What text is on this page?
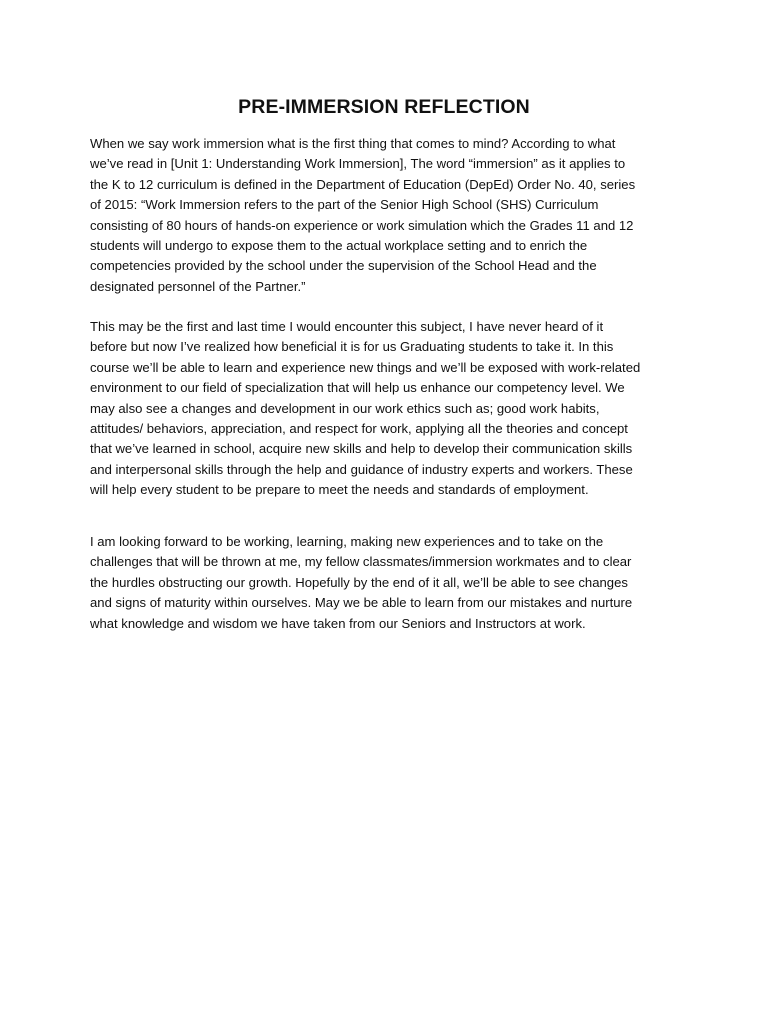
PRE-IMMERSION REFLECTION

When we say work immersion what is the first thing that comes to mind? According to what
we’ve read in [Unit 1: Understanding Work Immersion], The word “immersion” as it applies to
the K to 12 curriculum is defined in the Department of Education (DepEd) Order No. 40, series
of 2015: “Work Immersion refers to the part of the Senior High School (SHS) Curriculum
consisting of 80 hours of hands-on experience or work simulation which the Grades 11 and 12
students will undergo to expose them to the actual workplace setting and to enrich the
competencies provided by the school under the supervision of the School Head and the
designated personnel of the Partner.”

This may be the first and last time I would encounter this subject, I have never heard of it
before but now I’ve realized how beneficial it is for us Graduating students to take it. In this
course we’ll be able to learn and experience new things and we’ll be exposed with work-related
environment to our field of specialization that will help us enhance our competency level. We
may also see a changes and development in our work ethics such as; good work habits,
attitudes/ behaviors, appreciation, and respect for work, applying all the theories and concept
that we’ve learned in school, acquire new skills and help to develop their communication skills
and interpersonal skills through the help and guidance of industry experts and workers. These
will help every student to be prepare to meet the needs and standards of employment.

I am looking forward to be working, learning, making new experiences and to take on the
challenges that will be thrown at me, my fellow classmates/immersion workmates and to clear
the hurdles obstructing our growth. Hopefully by the end of it all, we’ll be able to see changes
and signs of maturity within ourselves. May we be able to learn from our mistakes and nurture
what knowledge and wisdom we have taken from our Seniors and Instructors at work.
